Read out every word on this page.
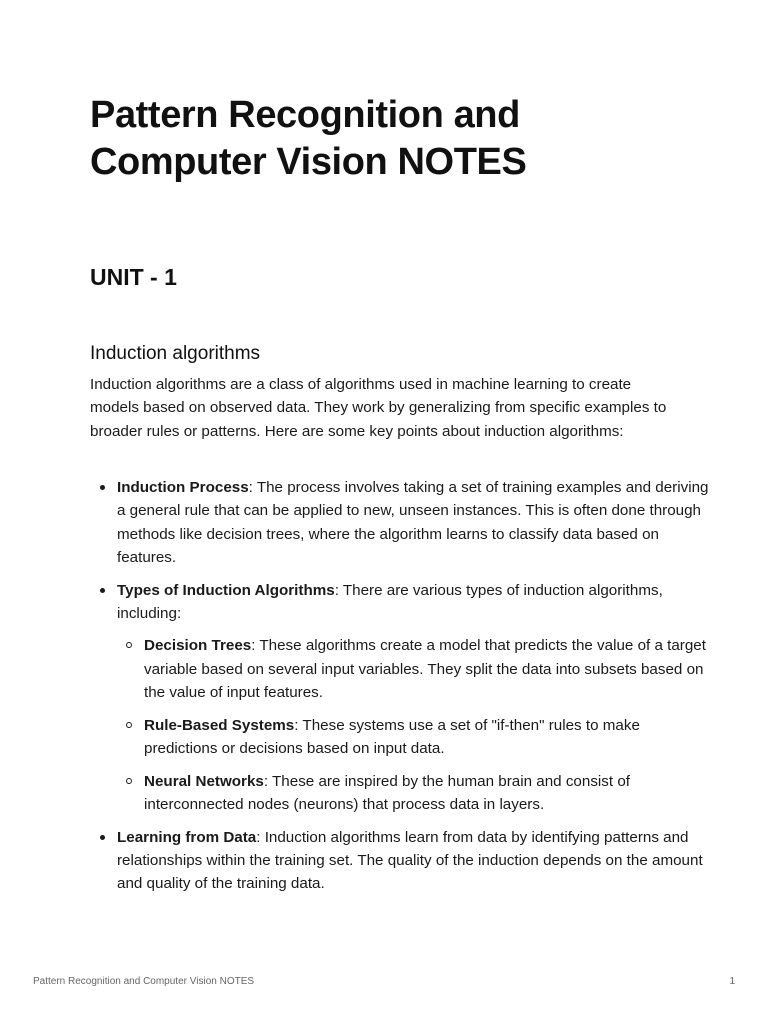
Pattern Recognition and Computer Vision NOTES
UNIT - 1
Induction algorithms

Induction algorithms are a class of algorithms used in machine learning to create models based on observed data. They work by generalizing from specific examples to broader rules or patterns. Here are some key points about induction algorithms:

Induction Process: The process involves taking a set of training examples and deriving a general rule that can be applied to new, unseen instances. This is often done through methods like decision trees, where the algorithm learns to classify data based on features.
Types of Induction Algorithms: There are various types of induction algorithms, including:
Decision Trees: These algorithms create a model that predicts the value of a target variable based on several input variables. They split the data into subsets based on the value of input features.
Rule-Based Systems: These systems use a set of "if-then" rules to make predictions or decisions based on input data.
Neural Networks: These are inspired by the human brain and consist of interconnected nodes (neurons) that process data in layers.
Learning from Data: Induction algorithms learn from data by identifying patterns and relationships within the training set. The quality of the induction depends on the amount and quality of the training data.
Pattern Recognition and Computer Vision NOTES	1
